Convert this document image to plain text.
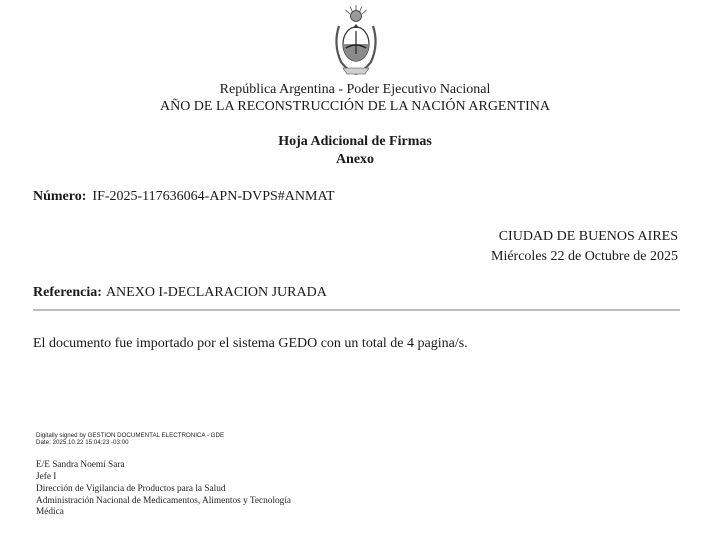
República Argentina - Poder Ejecutivo Nacional
AÑO DE LA RECONSTRUCCIÓN DE LA NACIÓN ARGENTINA
Hoja Adicional de Firmas
Anexo
Número: IF-2025-117636064-APN-DVPS#ANMAT
CIUDAD DE BUENOS AIRES
Miércoles 22 de Octubre de 2025
Referencia: ANEXO I-DECLARACION JURADA
El documento fue importado por el sistema GEDO con un total de 4 pagina/s.
Digitally signed by GESTION DOCUMENTAL ELECTRONICA - GDE
Date: 2025.10.22 15:04:23 -03:00
E/E Sandra Noemí Sara
Jefe I
Dirección de Vigilancia de Productos para la Salud
Administración Nacional de Medicamentos, Alimentos y Tecnología
Médica
